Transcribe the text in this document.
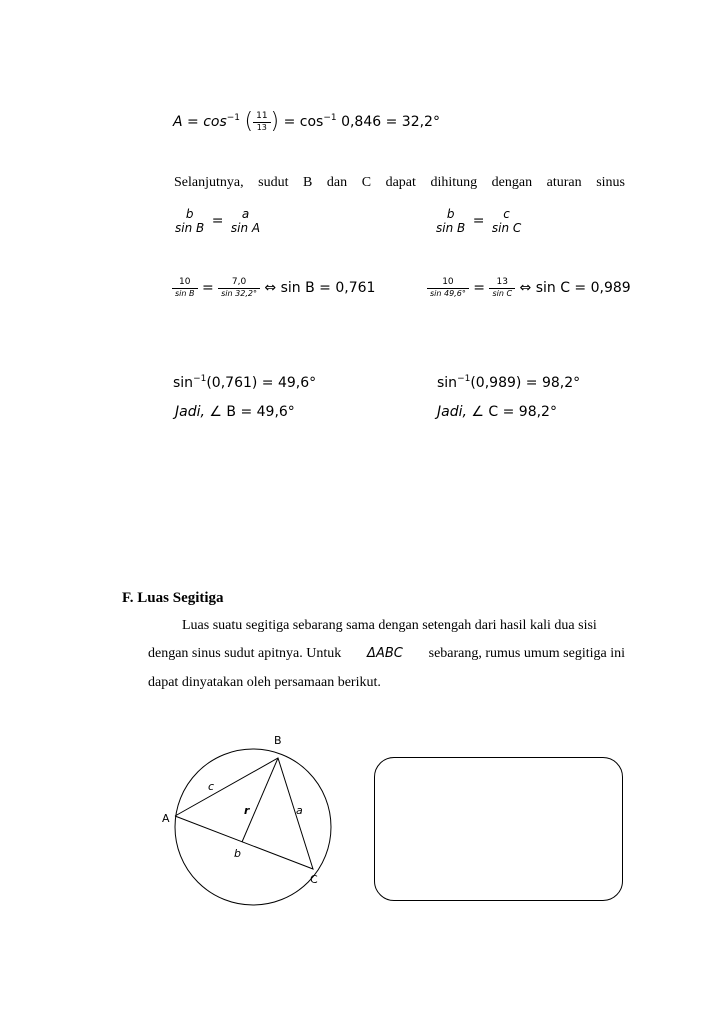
$A = \cos^{-1}$ ( $\frac{11}{13}$ ) = $\cos^{-1} 0,846 = 32,2^\circ$
Selanjutnya, sudut B dan C dapat dihitung dengan aturan sinus
b
sin B =	a
sin A
b
sin B =	c
sin C
$\frac{10}{\text{sin B}} = \frac{7,0}{\sin 32,2^\circ}$ ⇔ sin B = 0,761	$\frac{10}{\sin 49,6^\circ} = \frac{13}{\text{sin C}}$ ⇔ sin C = 0,989
$\sin^{-1}(0,761) = 49,6^\circ$	$\sin^{-1}(0,989) = 98,2^\circ$
Jadi, ∠ B = 49,6°	Jadi, ∠ C = 98,2°
F. Luas Segitiga
Luas suatu segitiga sebarang sama dengan setengah dari hasil kali dua sisi
dengan sinus sudut apitnya. Untuk ΔABC sebarang, rumus umum segitiga ini
dapat dinyatakan oleh persamaan berikut.
B
A
C
c
a
b
r
